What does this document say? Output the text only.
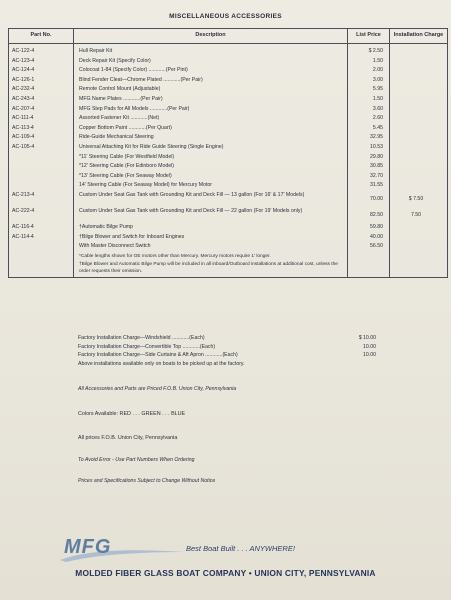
MISCELLANEOUS ACCESSORIES
Part No.	Description	List Price	Installation Charge
AC-122-4	Hull Repair Kit	$ 2.50
AC-123-4	Deck Repair Kit (Specify Color)	1.50
AC-124-4	Colocoat 1-84 (Specify Color) ............(Per Pint)	2.00
AC-126-1	Blind Fender Cleat—Chrome Plated ............(Per Pair)	3.00
AC-232-4	Remote Control Mount (Adjustable)	5.95
AC-243-4	MFG Name Plates ............(Per Pair)	1.50
AC-207-4	MFG Step Pads for All Models ............(Per Pair)	3.60
AC-111-4	Assorted Fastener Kit ............(Net)	2.60
AC-113-4	Copper Bottom Paint ............(Per Quart)	5.45
AC-109-4	Ride-Guide Mechanical Steering	32.95
AC-105-4	Universal Attaching Kit for Ride Guide Steering (Single Engine)	10.53
*11' Steering Cable (For Westfield Model)	29.80
*12' Steering Cable (For Edinboro Model)	30.85
*13' Steering Cable (For Seaway Model)	32.70
14' Steering Cable (For Seaway Model) for Mercury Motor	31.55
AC-213-4	Custom Under Seat Gas Tank with Grounding Kit and Deck Fill — 13 gallon (For 16' & 17' Models)
70.00	$ 7.50
AC-222-4	Custom Under Seat Gas Tank with Grounding Kit and Deck Fill — 22 gallon (For 19' Models only)
82.50	7.50
AC-116-4	†Automatic Bilge Pump	59.80
AC-114-4	†Bilge Blower and Switch for Inboard Engines	40.00
With Master Disconnect Switch	56.50
*Cable lengths shown for OE motors other than Mercury. Mercury motors require 1' longer.
†Bilge Blower and Automatic Bilge Pump will be included in all inboard/Outboard installations at additional cost, unless the order requests their omission.
Factory Installation Charge—Windshield ............(Each)	$ 10.00
Factory Installation Charge—Convertible Top ............(Each)	10.00
Factory Installation Charge—Side Curtains & Aft Apron ............(Each)	10.00
Above installations available only on boats to be picked up at the factory.
All Accessories and Parts are Priced F.O.B. Union City, Pennsylvania
Colors Available: RED . . . GREEN . . . BLUE
All prices F.O.B. Union City, Pennsylvania
To Avoid Error - Use Part Numbers When Ordering
Prices and Specifications Subject to Change Without Notice
MFG	Best Boat Built . . . ANYWHERE!
MOLDED FIBER GLASS BOAT COMPANY • UNION CITY, PENNSYLVANIA
